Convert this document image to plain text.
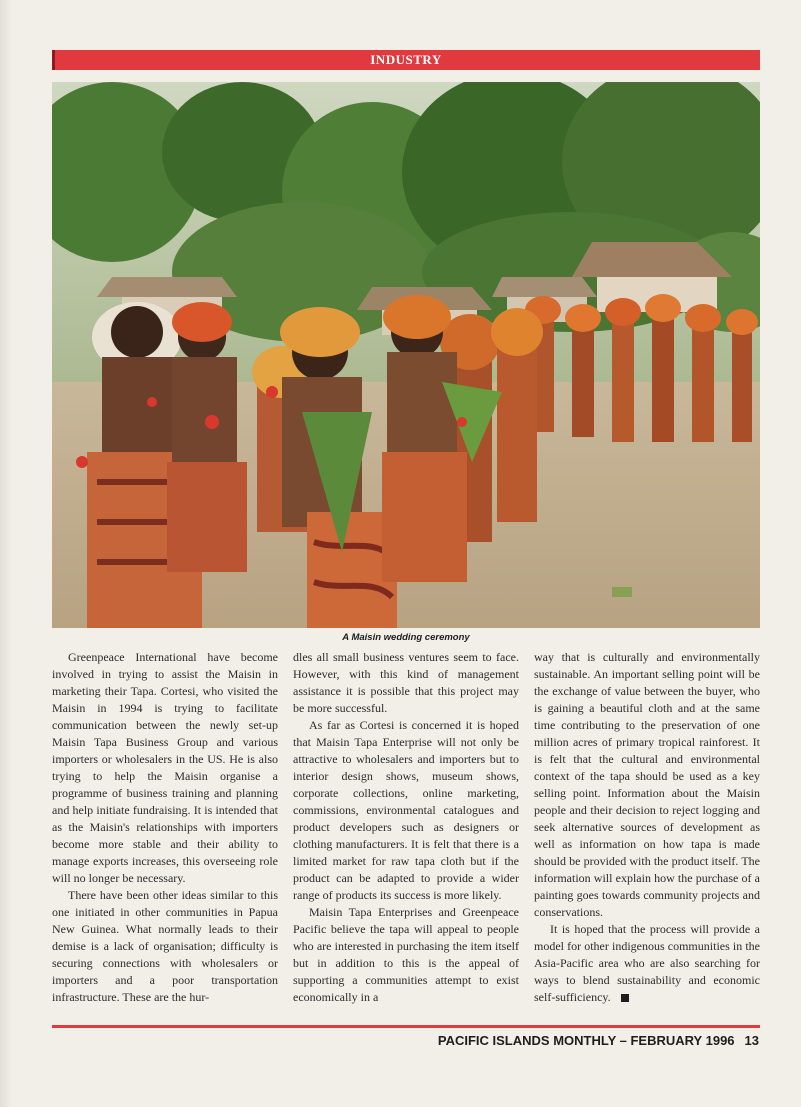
INDUSTRY
A Maisin wedding ceremony

Greenpeace International have become involved in trying to assist the Maisin in marketing their Tapa. Cortesi, who visited the Maisin in 1994 is trying to facilitate communication between the newly set-up Maisin Tapa Business Group and various importers or wholesalers in the US. He is also trying to help the Maisin organise a programme of business training and planning and help initiate fundraising. It is intended that as the Maisin's relationships with importers become more stable and their ability to manage exports increases, this overseeing role will no longer be necessary.

There have been other ideas similar to this one initiated in other communities in Papua New Guinea. What normally leads to their demise is a lack of organisation; difficulty is securing connections with wholesalers or importers and a poor transportation infrastructure. These are the hur-

dles all small business ventures seem to face. However, with this kind of management assistance it is possible that this project may be more successful.

As far as Cortesi is concerned it is hoped that Maisin Tapa Enterprise will not only be attractive to wholesalers and importers but to interior design shows, museum shows, corporate collections, online marketing, commissions, environmental catalogues and product developers such as designers or clothing manufacturers. It is felt that there is a limited market for raw tapa cloth but if the product can be adapted to provide a wider range of products its success is more likely.

Maisin Tapa Enterprises and Greenpeace Pacific believe the tapa will appeal to people who are interested in purchasing the item itself but in addition to this is the appeal of supporting a communities attempt to exist economically in a

way that is culturally and environmentally sustainable. An important selling point will be the exchange of value between the buyer, who is gaining a beautiful cloth and at the same time contributing to the preservation of one million acres of primary tropical rainforest. It is felt that the cultural and environmental context of the tapa should be used as a key selling point. Information about the Maisin people and their decision to reject logging and seek alternative sources of development as well as information on how tapa is made should be provided with the product itself. The information will explain how the purchase of a painting goes towards community projects and conservations.

It is hoped that the process will provide a model for other indigenous communities in the Asia-Pacific area who are also searching for ways to blend sustainability and economic self-sufficiency.

PACIFIC ISLANDS MONTHLY – FEBRUARY 1996 13
